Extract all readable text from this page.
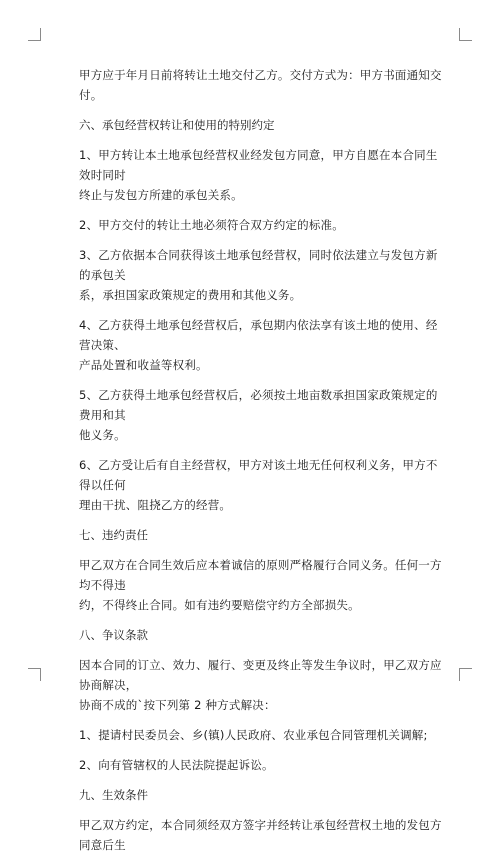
甲方应于年月日前将转让土地交付乙方。交付方式为：甲方书面通知交付。

六、承包经营权转让和使用的特别约定

1、甲方转让本土地承包经营权业经发包方同意，甲方自愿在本合同生效时同时
终止与发包方所建的承包关系。

2、甲方交付的转让土地必须符合双方约定的标准。

3、乙方依据本合同获得该土地承包经营权，同时依法建立与发包方新的承包关
系，承担国家政策规定的费用和其他义务。

4、乙方获得土地承包经营权后，承包期内依法享有该土地的使用、经营决策、
产品处置和收益等权利。

5、乙方获得土地承包经营权后，必须按土地亩数承担国家政策规定的费用和其
他义务。

6、乙方受让后有自主经营权，甲方对该土地无任何权利义务，甲方不得以任何
理由干扰、阻挠乙方的经营。

七、违约责任

甲乙双方在合同生效后应本着诚信的原则严格履行合同义务。任何一方均不得违
约，不得终止合同。如有违约要赔偿守约方全部损失。

八、争议条款

因本合同的订立、效力、履行、变更及终止等发生争议时，甲乙双方应协商解决，
协商不成的`按下列第 2 种方式解决：

1、提请村民委员会、乡(镇)人民政府、农业承包合同管理机关调解;

2、向有管辖权的人民法院提起诉讼。

九、生效条件

甲乙双方约定，本合同须经双方签字并经转让承包经营权土地的发包方同意后生
